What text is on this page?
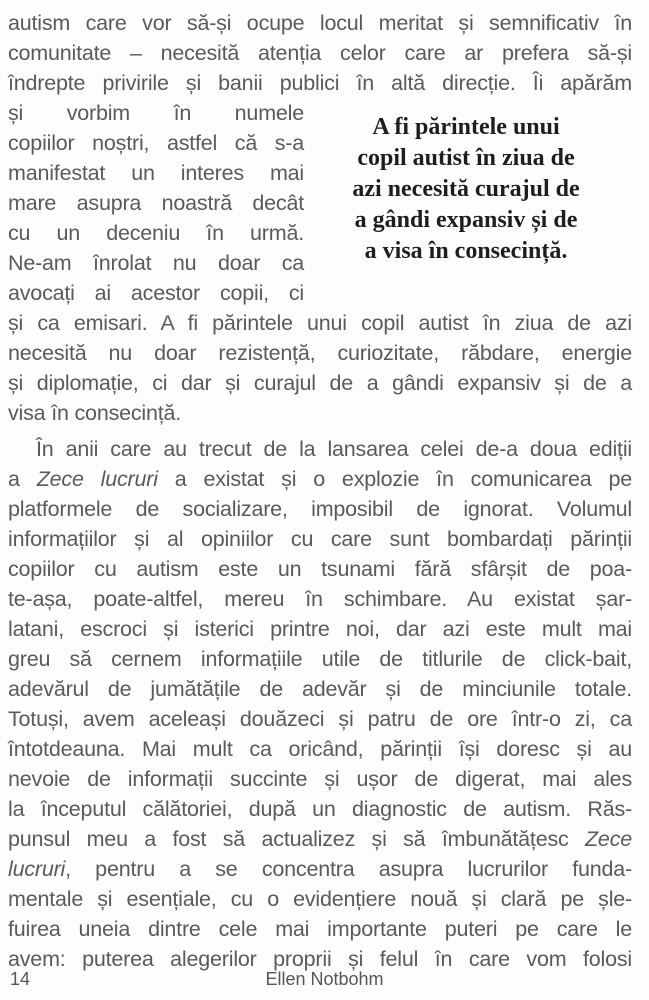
autism care vor să-și ocupe locul meritat și semnificativ în
comunitate – necesită atenția celor care ar prefera să-și
îndrepte privirile și banii publici în altă direcție. Îi apărăm
și vorbim în numele
copiilor noștri, astfel că s-a
manifestat un interes mai
mare asupra noastră decât
cu un deceniu în urmă.
Ne-am înrolat nu doar ca
avocați ai acestor copii, ci
și ca emisari. A fi părintele unui copil autist în ziua de azi
necesită nu doar rezistență, curiozitate, răbdare, energie
și diplomație, ci dar și curajul de a gândi expansiv și de a
visa în consecință.
În anii care au trecut de la lansarea celei de-a doua ediții
a Zece lucruri a existat și o explozie în comunicarea pe
platformele de socializare, imposibil de ignorat. Volumul
informațiilor și al opiniilor cu care sunt bombardați părinții
copiilor cu autism este un tsunami fără sfârșit de poa-
te-așa, poate-altfel, mereu în schimbare. Au existat șar-
latani, escroci și isterici printre noi, dar azi este mult mai
greu să cernem informațiile utile de titlurile de click-bait,
adevărul de jumătățile de adevăr și de minciunile totale.
Totuși, avem aceleași douăzeci și patru de ore într-o zi, ca
întotdeauna. Mai mult ca oricând, părinții își doresc și au
nevoie de informații succinte și ușor de digerat, mai ales
la începutul călătoriei, după un diagnostic de autism. Răs-
punsul meu a fost să actualizez și să îmbunătățesc Zece
lucruri, pentru a se concentra asupra lucrurilor funda-
mentale și esențiale, cu o evidențiere nouă și clară pe șle-
fuirea uneia dintre cele mai importante puteri pe care le
avem: puterea alegerilor proprii și felul în care vom folosi
A fi părintele unui
copil autist în ziua de
azi necesită curajul de
a gândi expansiv și de
a visa în consecință.
14	Ellen Notbohm
